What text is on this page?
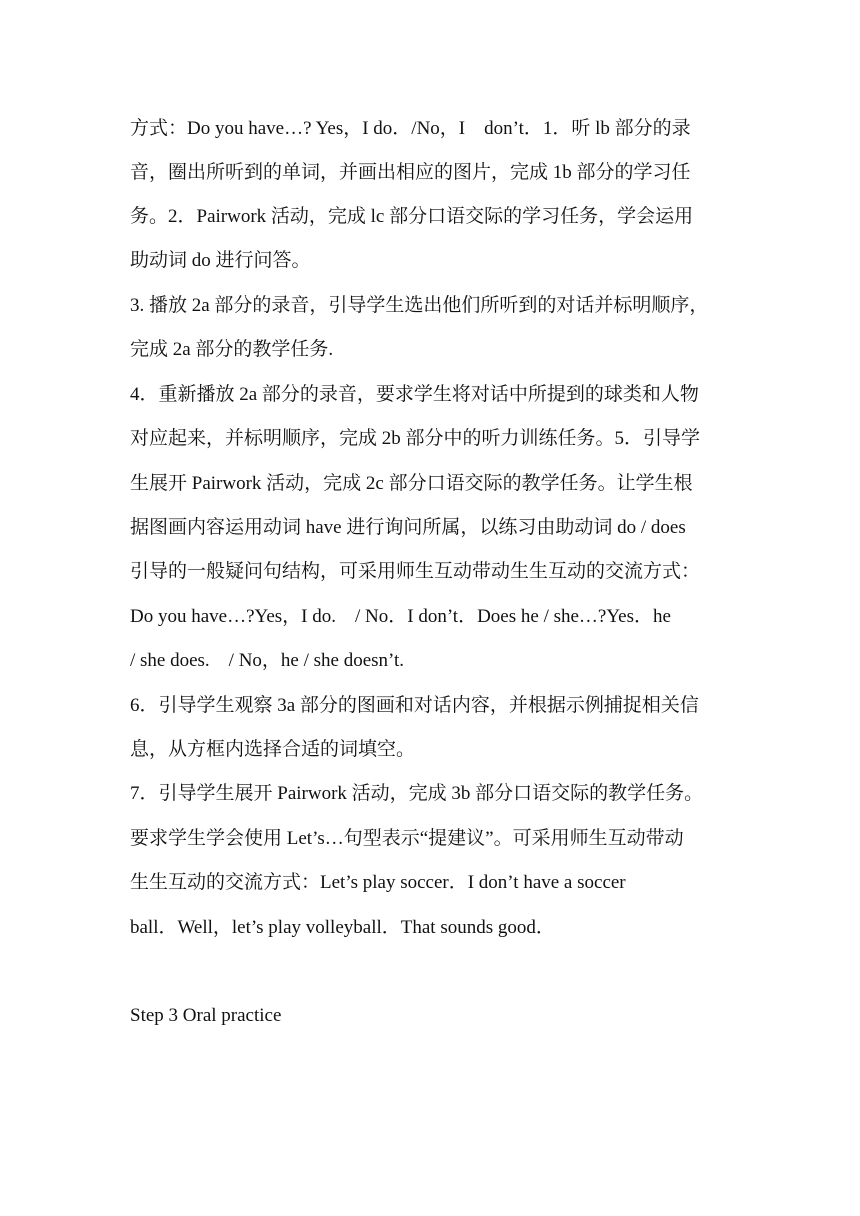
方式：Do you have…? Yes，I do．/No，I　don’t．1．听 lb 部分的录
音，圈出所听到的单词，并画出相应的图片，完成 1b 部分的学习任
务。2．Pairwork 活动，完成 lc 部分口语交际的学习任务，学会运用
助动词 do 进行问答。
3. 播放 2a 部分的录音，引导学生选出他们所听到的对话并标明顺序，
完成 2a 部分的教学任务.
4．重新播放 2a 部分的录音，要求学生将对话中所提到的球类和人物
对应起来，并标明顺序，完成 2b 部分中的听力训练任务。5．引导学
生展开 Pairwork 活动，完成 2c 部分口语交际的教学任务。让学生根
据图画内容运用动词 have 进行询问所属，以练习由助动词 do / does
引导的一般疑问句结构，可采用师生互动带动生生互动的交流方式：
Do you have…?Yes，I do.　/ No．I don’t．Does he / she…?Yes．he
/ she does.　/ No，he / she doesn’t.
6．引导学生观察 3a 部分的图画和对话内容，并根据示例捕捉相关信
息，从方框内选择合适的词填空。
7．引导学生展开 Pairwork 活动，完成 3b 部分口语交际的教学任务。
要求学生学会使用 Let’s…句型表示“提建议”。可采用师生互动带动
生生互动的交流方式：Let’s play soccer．I don’t have a soccer
ball．Well，let’s play volleyball．That sounds good．
Step 3 Oral practice
